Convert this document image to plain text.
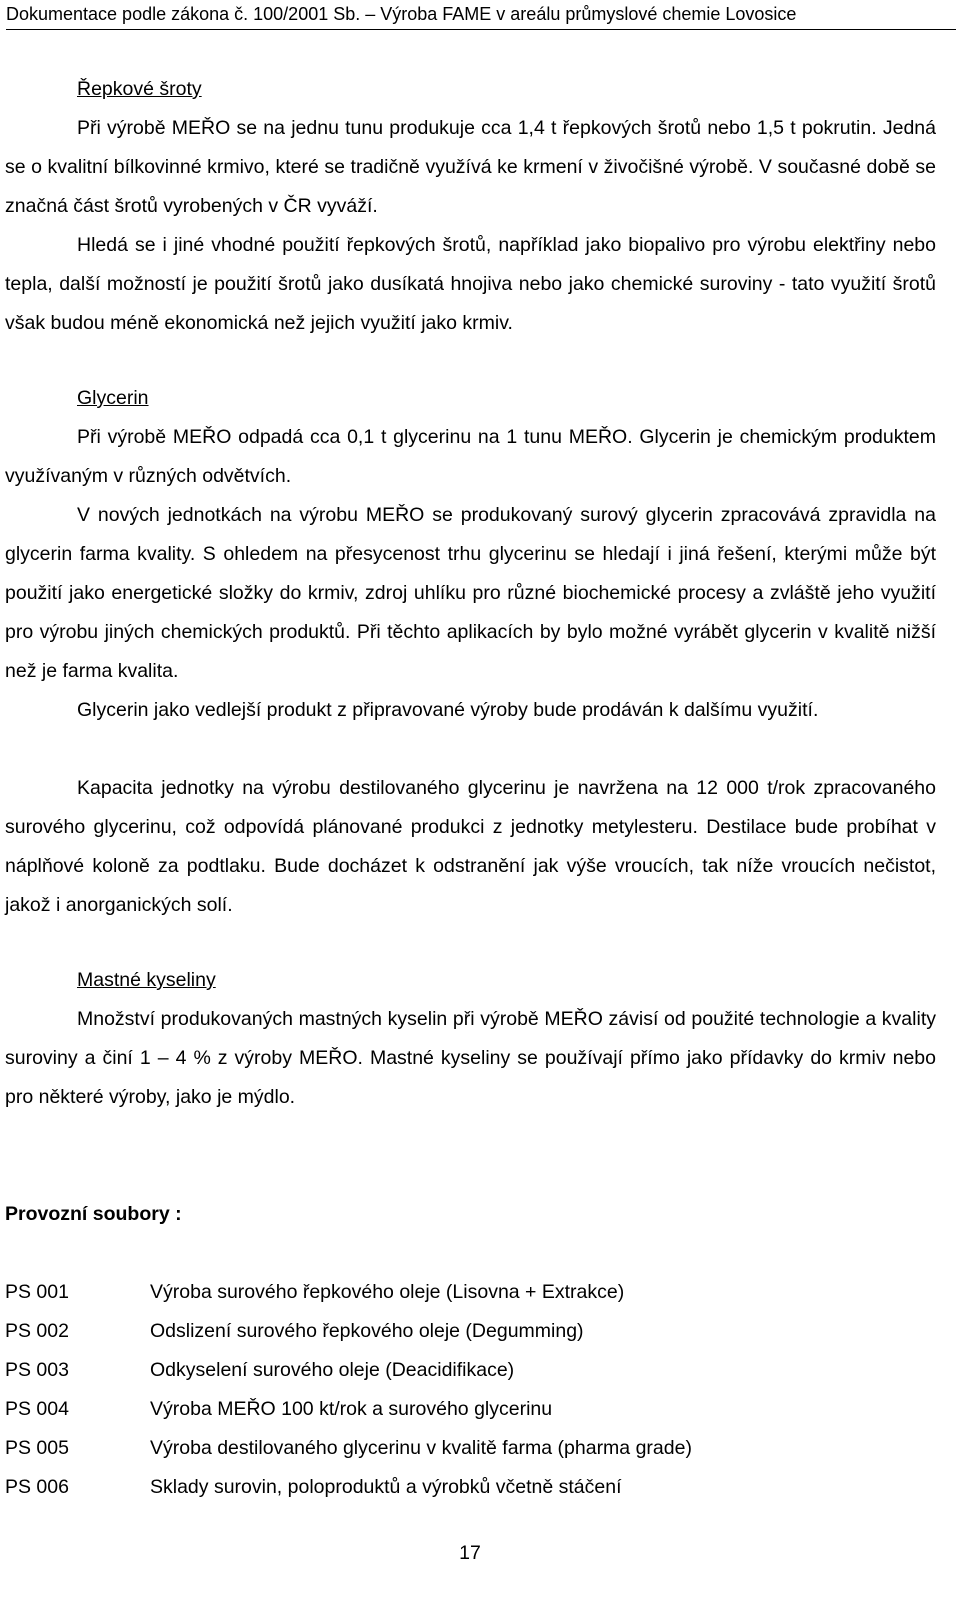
Dokumentace podle zákona č. 100/2001 Sb. – Výroba FAME v areálu průmyslové chemie Lovosice
Řepkové šroty
Při výrobě MEŘO se na jednu tunu produkuje cca 1,4 t řepkových šrotů nebo 1,5 t pokrutin. Jedná se o kvalitní bílkovinné krmivo, které se tradičně využívá ke krmení v živočišné výrobě. V současné době se značná část šrotů vyrobených v ČR vyváží.
Hledá se i jiné vhodné použití řepkových šrotů, například jako biopalivo pro výrobu elektřiny nebo tepla, další možností je použití šrotů jako dusíkatá hnojiva nebo jako chemické suroviny - tato využití šrotů však budou méně ekonomická než jejich využití jako krmiv.
Glycerin
Při výrobě MEŘO odpadá cca 0,1 t glycerinu na 1 tunu MEŘO. Glycerin je chemickým produktem využívaným v různých odvětvích.
V nových jednotkách na výrobu MEŘO se produkovaný surový glycerin zpracovává zpravidla na glycerin farma kvality. S ohledem na přesycenost trhu glycerinu se hledají i jiná řešení, kterými může být použití jako energetické složky do krmiv, zdroj uhlíku pro různé biochemické procesy a zvláště jeho využití pro výrobu jiných chemických produktů. Při těchto aplikacích by bylo možné vyrábět glycerin v kvalitě nižší než je farma kvalita.
Glycerin jako vedlejší produkt z připravované výroby bude prodáván k dalšímu využití.
Kapacita jednotky na výrobu destilovaného glycerinu je navržena na 12 000 t/rok zpracovaného surového glycerinu, což odpovídá plánované produkci z jednotky metylesteru. Destilace bude probíhat v náplňové koloně za podtlaku. Bude docházet k odstranění jak výše vroucích, tak níže vroucích nečistot, jakož i anorganických solí.
Mastné kyseliny
Množství produkovaných mastných kyselin při výrobě MEŘO závisí od použité technologie a kvality suroviny a činí 1 – 4 % z výroby MEŘO. Mastné kyseliny se používají přímo jako přídavky do krmiv nebo pro některé výroby, jako je mýdlo.
Provozní soubory :
PS 001	Výroba surového řepkového oleje (Lisovna + Extrakce)
PS 002	Odslizení surového řepkového oleje (Degumming)
PS 003	Odkyselení surového oleje (Deacidifikace)
PS 004	Výroba MEŘO 100 kt/rok a surového glycerinu
PS 005	Výroba destilovaného glycerinu v kvalitě farma (pharma grade)
PS 006	Sklady surovin, poloproduktů a výrobků včetně stáčení
17
